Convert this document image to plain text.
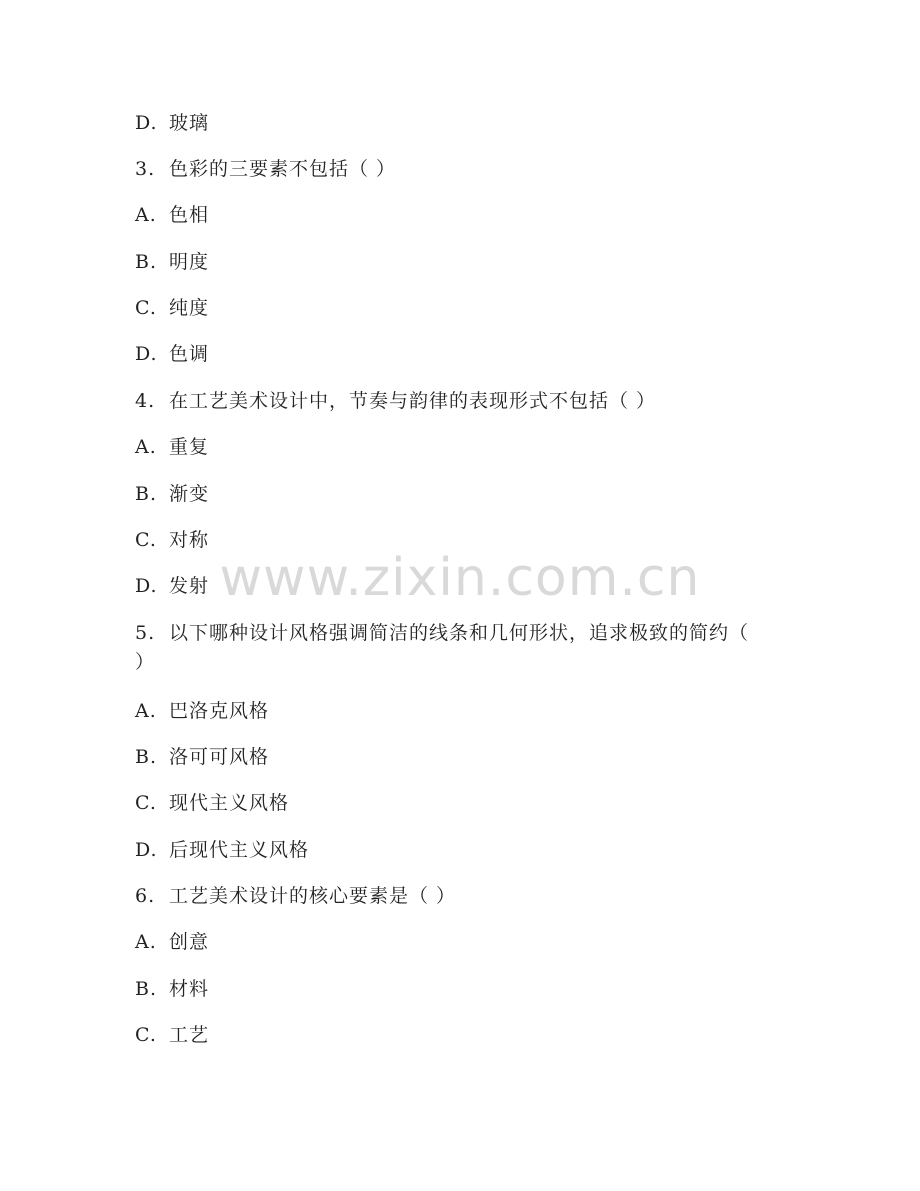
D. 玻璃
3. 色彩的三要素不包括（ ）
A. 色相
B. 明度
C. 纯度
D. 色调
4. 在工艺美术设计中，节奏与韵律的表现形式不包括（ ）
A. 重复
B. 渐变
C. 对称
D. 发射
5. 以下哪种设计风格强调简洁的线条和几何形状，追求极致的简约（
）
A. 巴洛克风格
B. 洛可可风格
C. 现代主义风格
D. 后现代主义风格
6. 工艺美术设计的核心要素是（ ）
A. 创意
B. 材料
C. 工艺
www.zixin.com.cn
